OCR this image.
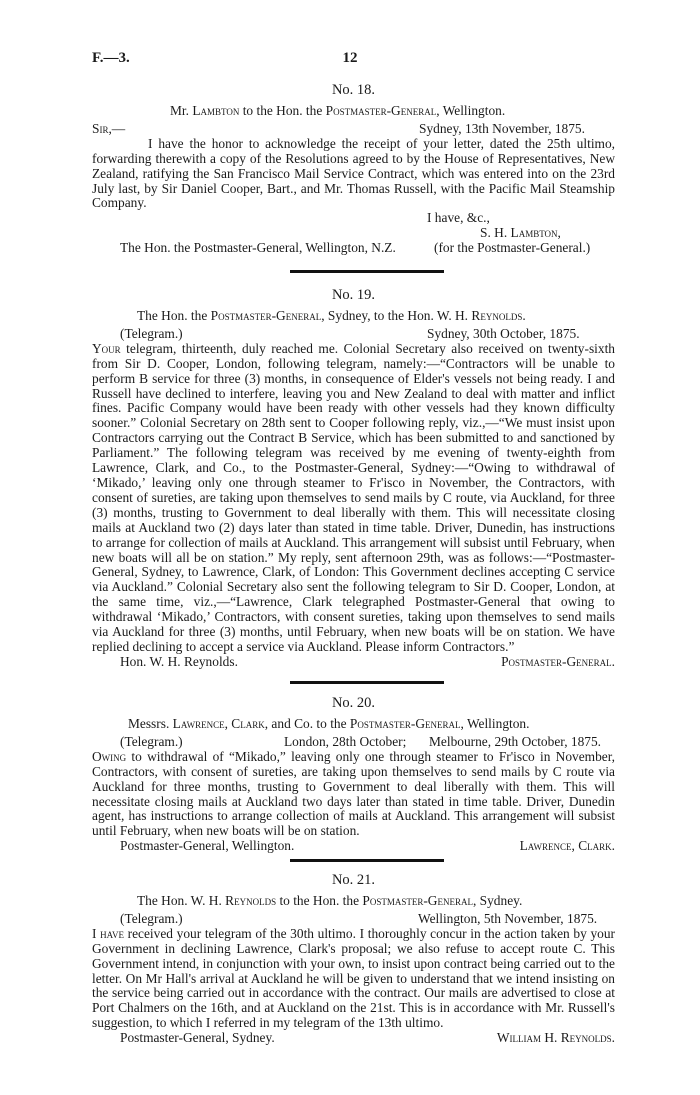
F.—3.	12
No. 18.
Mr. Lambton to the Hon. the Postmaster-General, Wellington.
Sir,—	Sydney, 13th November, 1875.

I have the honor to acknowledge the receipt of your letter, dated the 25th ultimo, forwarding therewith a copy of the Resolutions agreed to by the House of Representatives, New Zealand, ratifying the San Francisco Mail Service Contract, which was entered into on the 23rd July last, by Sir Daniel Cooper, Bart., and Mr. Thomas Russell, with the Pacific Mail Steamship Company.

I have, &c.,
S. H. Lambton,
The Hon. the Postmaster-General, Wellington, N.Z.	(for the Postmaster-General.)
No. 19.
The Hon. the Postmaster-General, Sydney, to the Hon. W. H. Reynolds.
(Telegram.)	Sydney, 30th October, 1875.

Your telegram, thirteenth, duly reached me. Colonial Secretary also received on twenty-sixth from Sir D. Cooper, London, following telegram, namely:—“Contractors will be unable to perform B service for three (3) months, in consequence of Elder's vessels not being ready. I and Russell have declined to interfere, leaving you and New Zealand to deal with matter and inflict fines. Pacific Company would have been ready with other vessels had they known difficulty sooner.” Colonial Secretary on 28th sent to Cooper following reply, viz.,—“We must insist upon Contractors carrying out the Contract B Service, which has been submitted to and sanctioned by Parliament.” The following telegram was received by me evening of twenty-eighth from Lawrence, Clark, and Co., to the Postmaster-General, Sydney:—“Owing to withdrawal of ‘Mikado,’ leaving only one through steamer to Fr'isco in November, the Contractors, with consent of sureties, are taking upon themselves to send mails by C route, via Auckland, for three (3) months, trusting to Government to deal liberally with them. This will necessitate closing mails at Auckland two (2) days later than stated in time table. Driver, Dunedin, has instructions to arrange for collection of mails at Auckland. This arrangement will subsist until February, when new boats will all be on station.” My reply, sent afternoon 29th, was as follows:—“Postmaster-General, Sydney, to Lawrence, Clark, of London: This Government declines accepting C service via Auckland.” Colonial Secretary also sent the following telegram to Sir D. Cooper, London, at the same time, viz.,—“Lawrence, Clark telegraphed Postmaster-General that owing to withdrawal ‘Mikado,’ Contractors, with consent sureties, taking upon themselves to send mails via Auckland for three (3) months, until February, when new boats will be on station. We have replied declining to accept a service via Auckland. Please inform Contractors.”

Hon. W. H. Reynolds.	Postmaster-General.
No. 20.
Messrs. Lawrence, Clark, and Co. to the Postmaster-General, Wellington.
(Telegram.)	London, 28th October; Melbourne, 29th October, 1875.

Owing to withdrawal of “Mikado,” leaving only one through steamer to Fr'isco in November, Contractors, with consent of sureties, are taking upon themselves to send mails by C route via Auckland for three months, trusting to Government to deal liberally with them. This will necessitate closing mails at Auckland two days later than stated in time table. Driver, Dunedin agent, has instructions to arrange collection of mails at Auckland. This arrangement will subsist until February, when new boats will be on station.

Postmaster-General, Wellington.	Lawrence, Clark.
No. 21.
The Hon. W. H. Reynolds to the Hon. the Postmaster-General, Sydney.
(Telegram.)	Wellington, 5th November, 1875.

I have received your telegram of the 30th ultimo. I thoroughly concur in the action taken by your Government in declining Lawrence, Clark's proposal; we also refuse to accept route C. This Government intend, in conjunction with your own, to insist upon contract being carried out to the letter. On Mr Hall's arrival at Auckland he will be given to understand that we intend insisting on the service being carried out in accordance with the contract. Our mails are advertised to close at Port Chalmers on the 16th, and at Auckland on the 21st. This is in accordance with Mr. Russell's suggestion, to which I referred in my telegram of the 13th ultimo.

Postmaster-General, Sydney.	William H. Reynolds.
